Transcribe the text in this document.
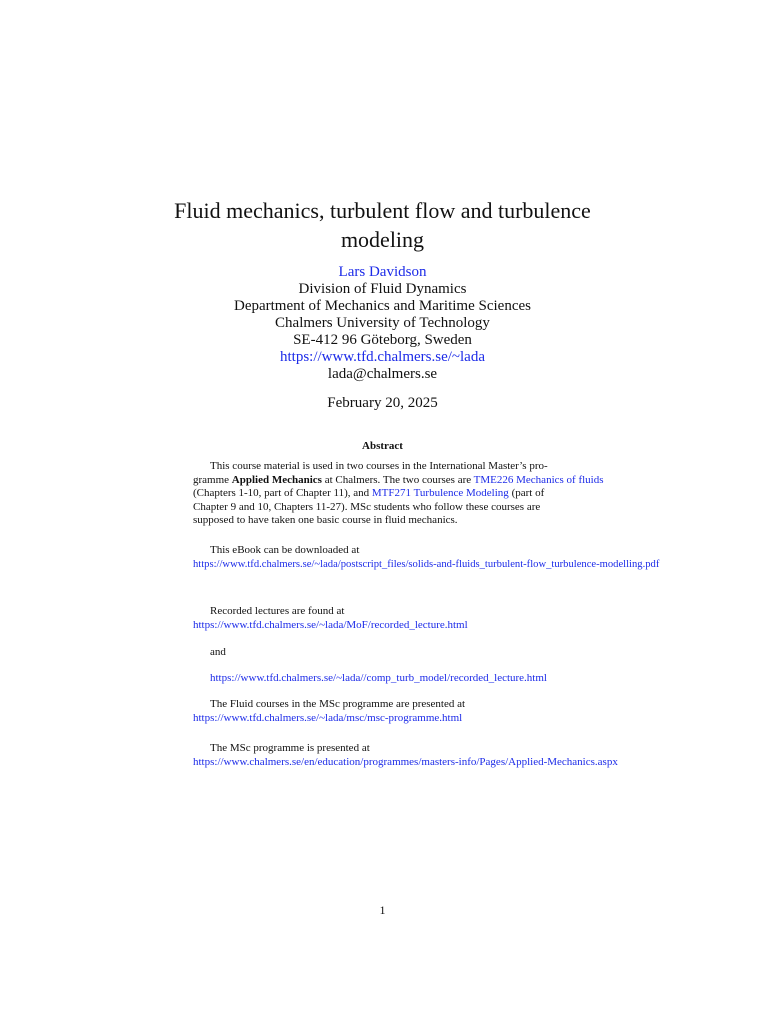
Fluid mechanics, turbulent flow and turbulence
modeling
Lars Davidson
Division of Fluid Dynamics
Department of Mechanics and Maritime Sciences
Chalmers University of Technology
SE-412 96 Göteborg, Sweden
https://www.tfd.chalmers.se/~lada
lada@chalmers.se
February 20, 2025
Abstract
This course material is used in two courses in the International Master’s pro-
gramme Applied Mechanics at Chalmers. The two courses are TME226 Mechanics of fluids
(Chapters 1-10, part of Chapter 11), and MTF271 Turbulence Modeling (part of
Chapter 9 and 10, Chapters 11-27). MSc students who follow these courses are
supposed to have taken one basic course in fluid mechanics.
This eBook can be downloaded at
https://www.tfd.chalmers.se/~lada/postscript_files/solids-and-fluids_turbulent-flow_turbulence-modelling.pdf
Recorded lectures are found at
https://www.tfd.chalmers.se/~lada/MoF/recorded_lecture.html
and
https://www.tfd.chalmers.se/~lada//comp_turb_model/recorded_lecture.html
The Fluid courses in the MSc programme are presented at
https://www.tfd.chalmers.se/~lada/msc/msc-programme.html
The MSc programme is presented at
https://www.chalmers.se/en/education/programmes/masters-info/Pages/Applied-Mechanics.aspx
1
